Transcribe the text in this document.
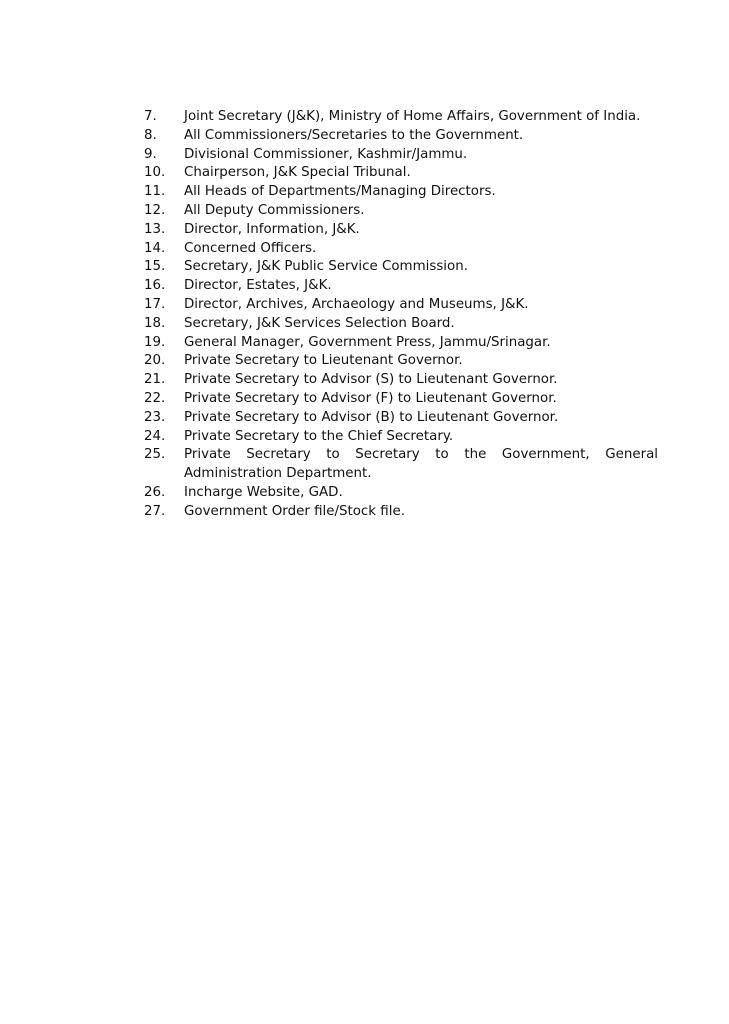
7.	Joint Secretary (J&K), Ministry of Home Affairs, Government of India.
8.	All Commissioners/Secretaries to the Government.
9.	Divisional Commissioner, Kashmir/Jammu.
10.	Chairperson, J&K Special Tribunal.
11.	All Heads of Departments/Managing Directors.
12.	All Deputy Commissioners.
13.	Director, Information, J&K.
14.	Concerned Officers.
15.	Secretary, J&K Public Service Commission.
16.	Director, Estates, J&K.
17.	Director, Archives, Archaeology and Museums, J&K.
18.	Secretary, J&K Services Selection Board.
19.	General Manager, Government Press, Jammu/Srinagar.
20.	Private Secretary to Lieutenant Governor.
21.	Private Secretary to Advisor (S) to Lieutenant Governor.
22.	Private Secretary to Advisor (F) to Lieutenant Governor.
23.	Private Secretary to Advisor (B) to Lieutenant Governor.
24.	Private Secretary to the Chief Secretary.
25.	Private Secretary to Secretary to the Government, General Administration Department.
26.	Incharge Website, GAD.
27.	Government Order file/Stock file.
